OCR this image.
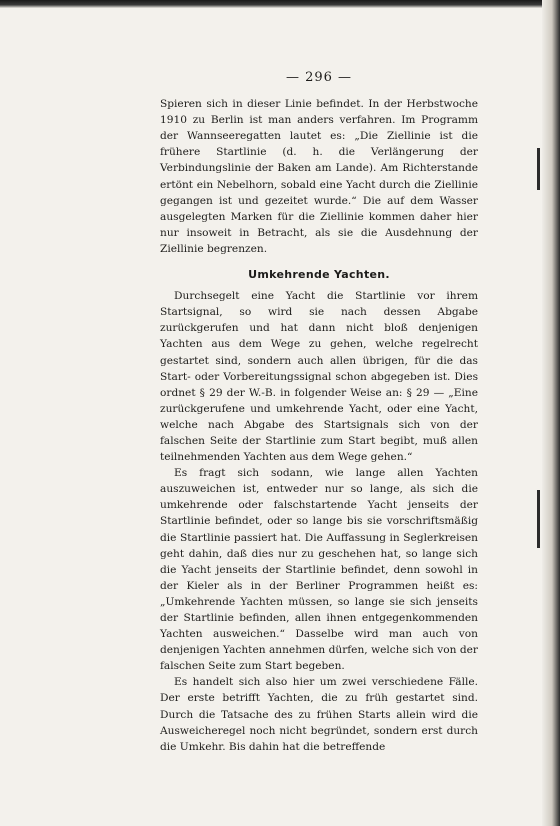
— 296 —

Spieren sich in dieser Linie befindet. In der Herbstwoche 1910 zu Berlin ist man anders verfahren. Im Programm der Wannseeregatten lautet es: „Die Ziellinie ist die frühere Startlinie (d. h. die Verlängerung der Verbindungslinie der Baken am Lande). Am Richterstande ertönt ein Nebelhorn, sobald eine Yacht durch die Ziellinie gegangen ist und gezeitet wurde.“ Die auf dem Wasser ausgelegten Marken für die Ziellinie kommen daher hier nur insoweit in Betracht, als sie die Ausdehnung der Ziellinie begrenzen.

Umkehrende Yachten.

Durchsegelt eine Yacht die Startlinie vor ihrem Startsignal, so wird sie nach dessen Abgabe zurückgerufen und hat dann nicht bloß denjenigen Yachten aus dem Wege zu gehen, welche regelrecht gestartet sind, sondern auch allen übrigen, für die das Start- oder Vorbereitungssignal schon abgegeben ist. Dies ordnet § 29 der W.-B. in folgender Weise an: § 29 — „Eine zurückgerufene und umkehrende Yacht, oder eine Yacht, welche nach Abgabe des Startsignals sich von der falschen Seite der Startlinie zum Start begibt, muß allen teilnehmenden Yachten aus dem Wege gehen.“

Es fragt sich sodann, wie lange allen Yachten auszuweichen ist, entweder nur so lange, als sich die umkehrende oder falschstartende Yacht jenseits der Startlinie befindet, oder so lange bis sie vorschriftsmäßig die Startlinie passiert hat. Die Auffassung in Seglerkreisen geht dahin, daß dies nur zu geschehen hat, so lange sich die Yacht jenseits der Startlinie befindet, denn sowohl in der Kieler als in der Berliner Programmen heißt es: „Umkehrende Yachten müssen, so lange sie sich jenseits der Startlinie befinden, allen ihnen entgegenkommenden Yachten ausweichen.“ Dasselbe wird man auch von denjenigen Yachten annehmen dürfen, welche sich von der falschen Seite zum Start begeben.

Es handelt sich also hier um zwei verschiedene Fälle. Der erste betrifft Yachten, die zu früh gestartet sind. Durch die Tatsache des zu frühen Starts allein wird die Ausweicheregel noch nicht begründet, sondern erst durch die Umkehr. Bis dahin hat die betreffende
